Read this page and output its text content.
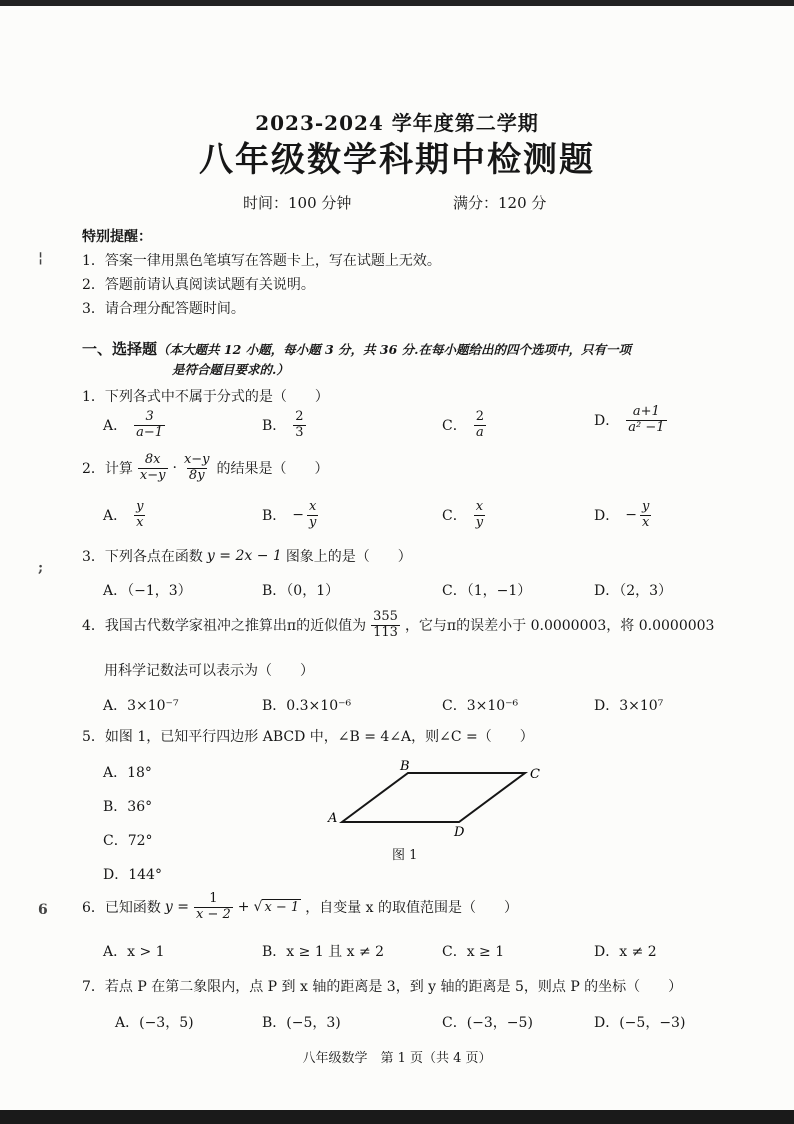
2023-2024 学年度第二学期
八年级数学科期中检测题
时间：100 分钟	满分：120 分
特别提醒：
1．答案一律用黑色笔填写在答题卡上，写在试题上无效。
2．答题前请认真阅读试题有关说明。
3．请合理分配答题时间。
¦
;
6
一、选择题（本大题共 12 小题，每小题 3 分，共 36 分.在每小题给出的四个选项中，只有一项
是符合题目要求的.）
1．下列各式中不属于分式的是（　　）
A． $\frac{3}{a-1}$	B． $\frac{2}{3}$	C． $\frac{2}{a}$	D． $\frac{a+1}{\text{a² −1}}$
2．计算 $\frac{8x}{x-y} \cdot \frac{x-y}{8y}$ 的结果是（　　）
A． $\frac{y}{x}$	B． − $\frac{x}{y}$	C． $\frac{x}{y}$	D． − $\frac{y}{x}$
3．下列各点在函数 y = 2x − 1 图象上的是（　　）
A．（−1，3）	B．（0，1）	C．（1，−1）	D．（2，3）
4．我国古代数学家祖冲之推算出π的近似值为 $\frac{355}{113}$ ，它与π的误差小于 0.0000003，将 0.0000003
用科学记数法可以表示为（　　）
A．3×10⁻⁷	B．0.3×10⁻⁶	C．3×10⁻⁶	D．3×10⁷
5．如图 1，已知平行四边形 ABCD 中，∠B = 4∠A，则∠C =（　　）
A．18°
B．36°
C．72°
D．144°
A
B
C
D
图 1
6．已知函数 $y = \frac{1}{x - 2}$ + √ x − 1 ，自变量 x 的取值范围是（　　）
A．x > 1	B．x ≥ 1 且 x ≠ 2	C．x ≥ 1	D．x ≠ 2
7．若点 P 在第二象限内，点 P 到 x 轴的距离是 3，到 y 轴的距离是 5，则点 P 的坐标（　　）
A．(−3，5)	B．(−5，3)	C．(−3，−5)	D．(−5，−3)
八年级数学　第 1 页（共 4 页）
